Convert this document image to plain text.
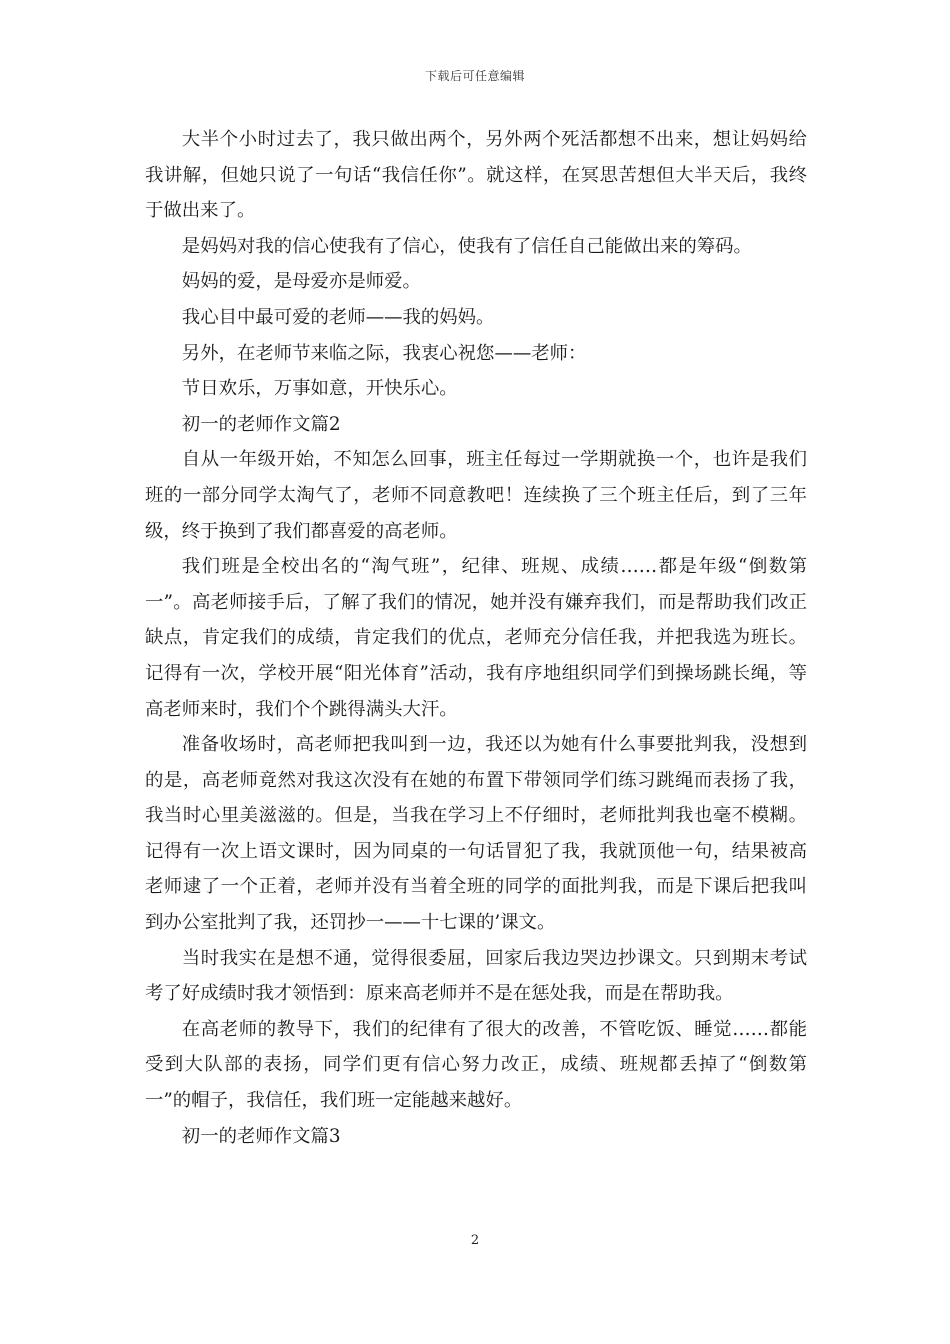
下载后可任意编辑

大半个小时过去了，我只做出两个，另外两个死活都想不出来，想让妈妈给我讲解，但她只说了一句话“我信任你”。就这样，在冥思苦想但大半天后，我终于做出来了。

是妈妈对我的信心使我有了信心，使我有了信任自己能做出来的筹码。

妈妈的爱，是母爱亦是师爱。

我心目中最可爱的老师——我的妈妈。

另外，在老师节来临之际，我衷心祝您——老师：

节日欢乐，万事如意，开快乐心。

初一的老师作文篇2

自从一年级开始，不知怎么回事，班主任每过一学期就换一个，也许是我们班的一部分同学太淘气了，老师不同意教吧！连续换了三个班主任后，到了三年级，终于换到了我们都喜爱的高老师。

我们班是全校出名的“淘气班”，纪律、班规、成绩……都是年级“倒数第一”。高老师接手后，了解了我们的情况，她并没有嫌弃我们，而是帮助我们改正缺点，肯定我们的成绩，肯定我们的优点，老师充分信任我，并把我选为班长。记得有一次，学校开展“阳光体育”活动，我有序地组织同学们到操场跳长绳，等高老师来时，我们个个跳得满头大汗。

准备收场时，高老师把我叫到一边，我还以为她有什么事要批判我，没想到的是，高老师竟然对我这次没有在她的布置下带领同学们练习跳绳而表扬了我，我当时心里美滋滋的。但是，当我在学习上不仔细时，老师批判我也毫不模糊。记得有一次上语文课时，因为同桌的一句话冒犯了我，我就顶他一句，结果被高老师逮了一个正着，老师并没有当着全班的同学的面批判我，而是下课后把我叫到办公室批判了我，还罚抄一——十七课的’课文。

当时我实在是想不通，觉得很委屈，回家后我边哭边抄课文。只到期末考试考了好成绩时我才领悟到：原来高老师并不是在惩处我，而是在帮助我。

在高老师的教导下，我们的纪律有了很大的改善，不管吃饭、睡觉……都能受到大队部的表扬，同学们更有信心努力改正，成绩、班规都丢掉了“倒数第一”的帽子，我信任，我们班一定能越来越好。

初一的老师作文篇3

2
